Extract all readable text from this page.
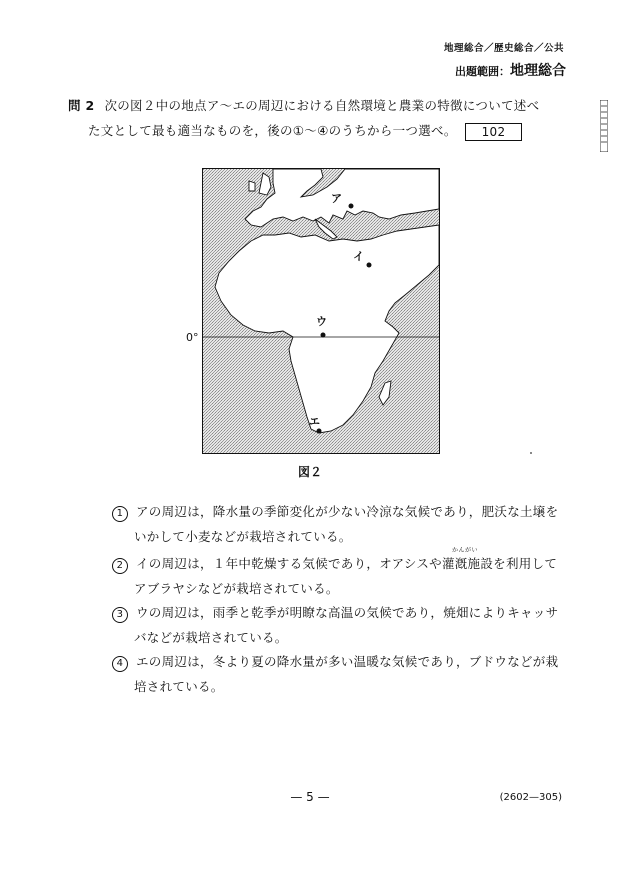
地理総合／歴史総合／公共
出題範囲：地理総合
問 2 次の図２中の地点ア～エの周辺における自然環境と農業の特徴について述べ
た文として最も適当なものを，後の①～④のうちから一つ選べ。 102
0°
ア
イ
ウ
エ
図２
かんがい
1 アの周辺は，降水量の季節変化が少ない冷涼な気候であり，肥沃な土壌を
いかして小麦などが栽培されている。
2 イの周辺は，１年中乾燥する気候であり，オアシスや灌漑施設を利用して
アブラヤシなどが栽培されている。
3 ウの周辺は，雨季と乾季が明瞭な高温の気候であり，焼畑によりキャッサ
バなどが栽培されている。
4 エの周辺は，冬より夏の降水量が多い温暖な気候であり，ブドウなどが栽
培されている。
— 5 —	(2602—305)
